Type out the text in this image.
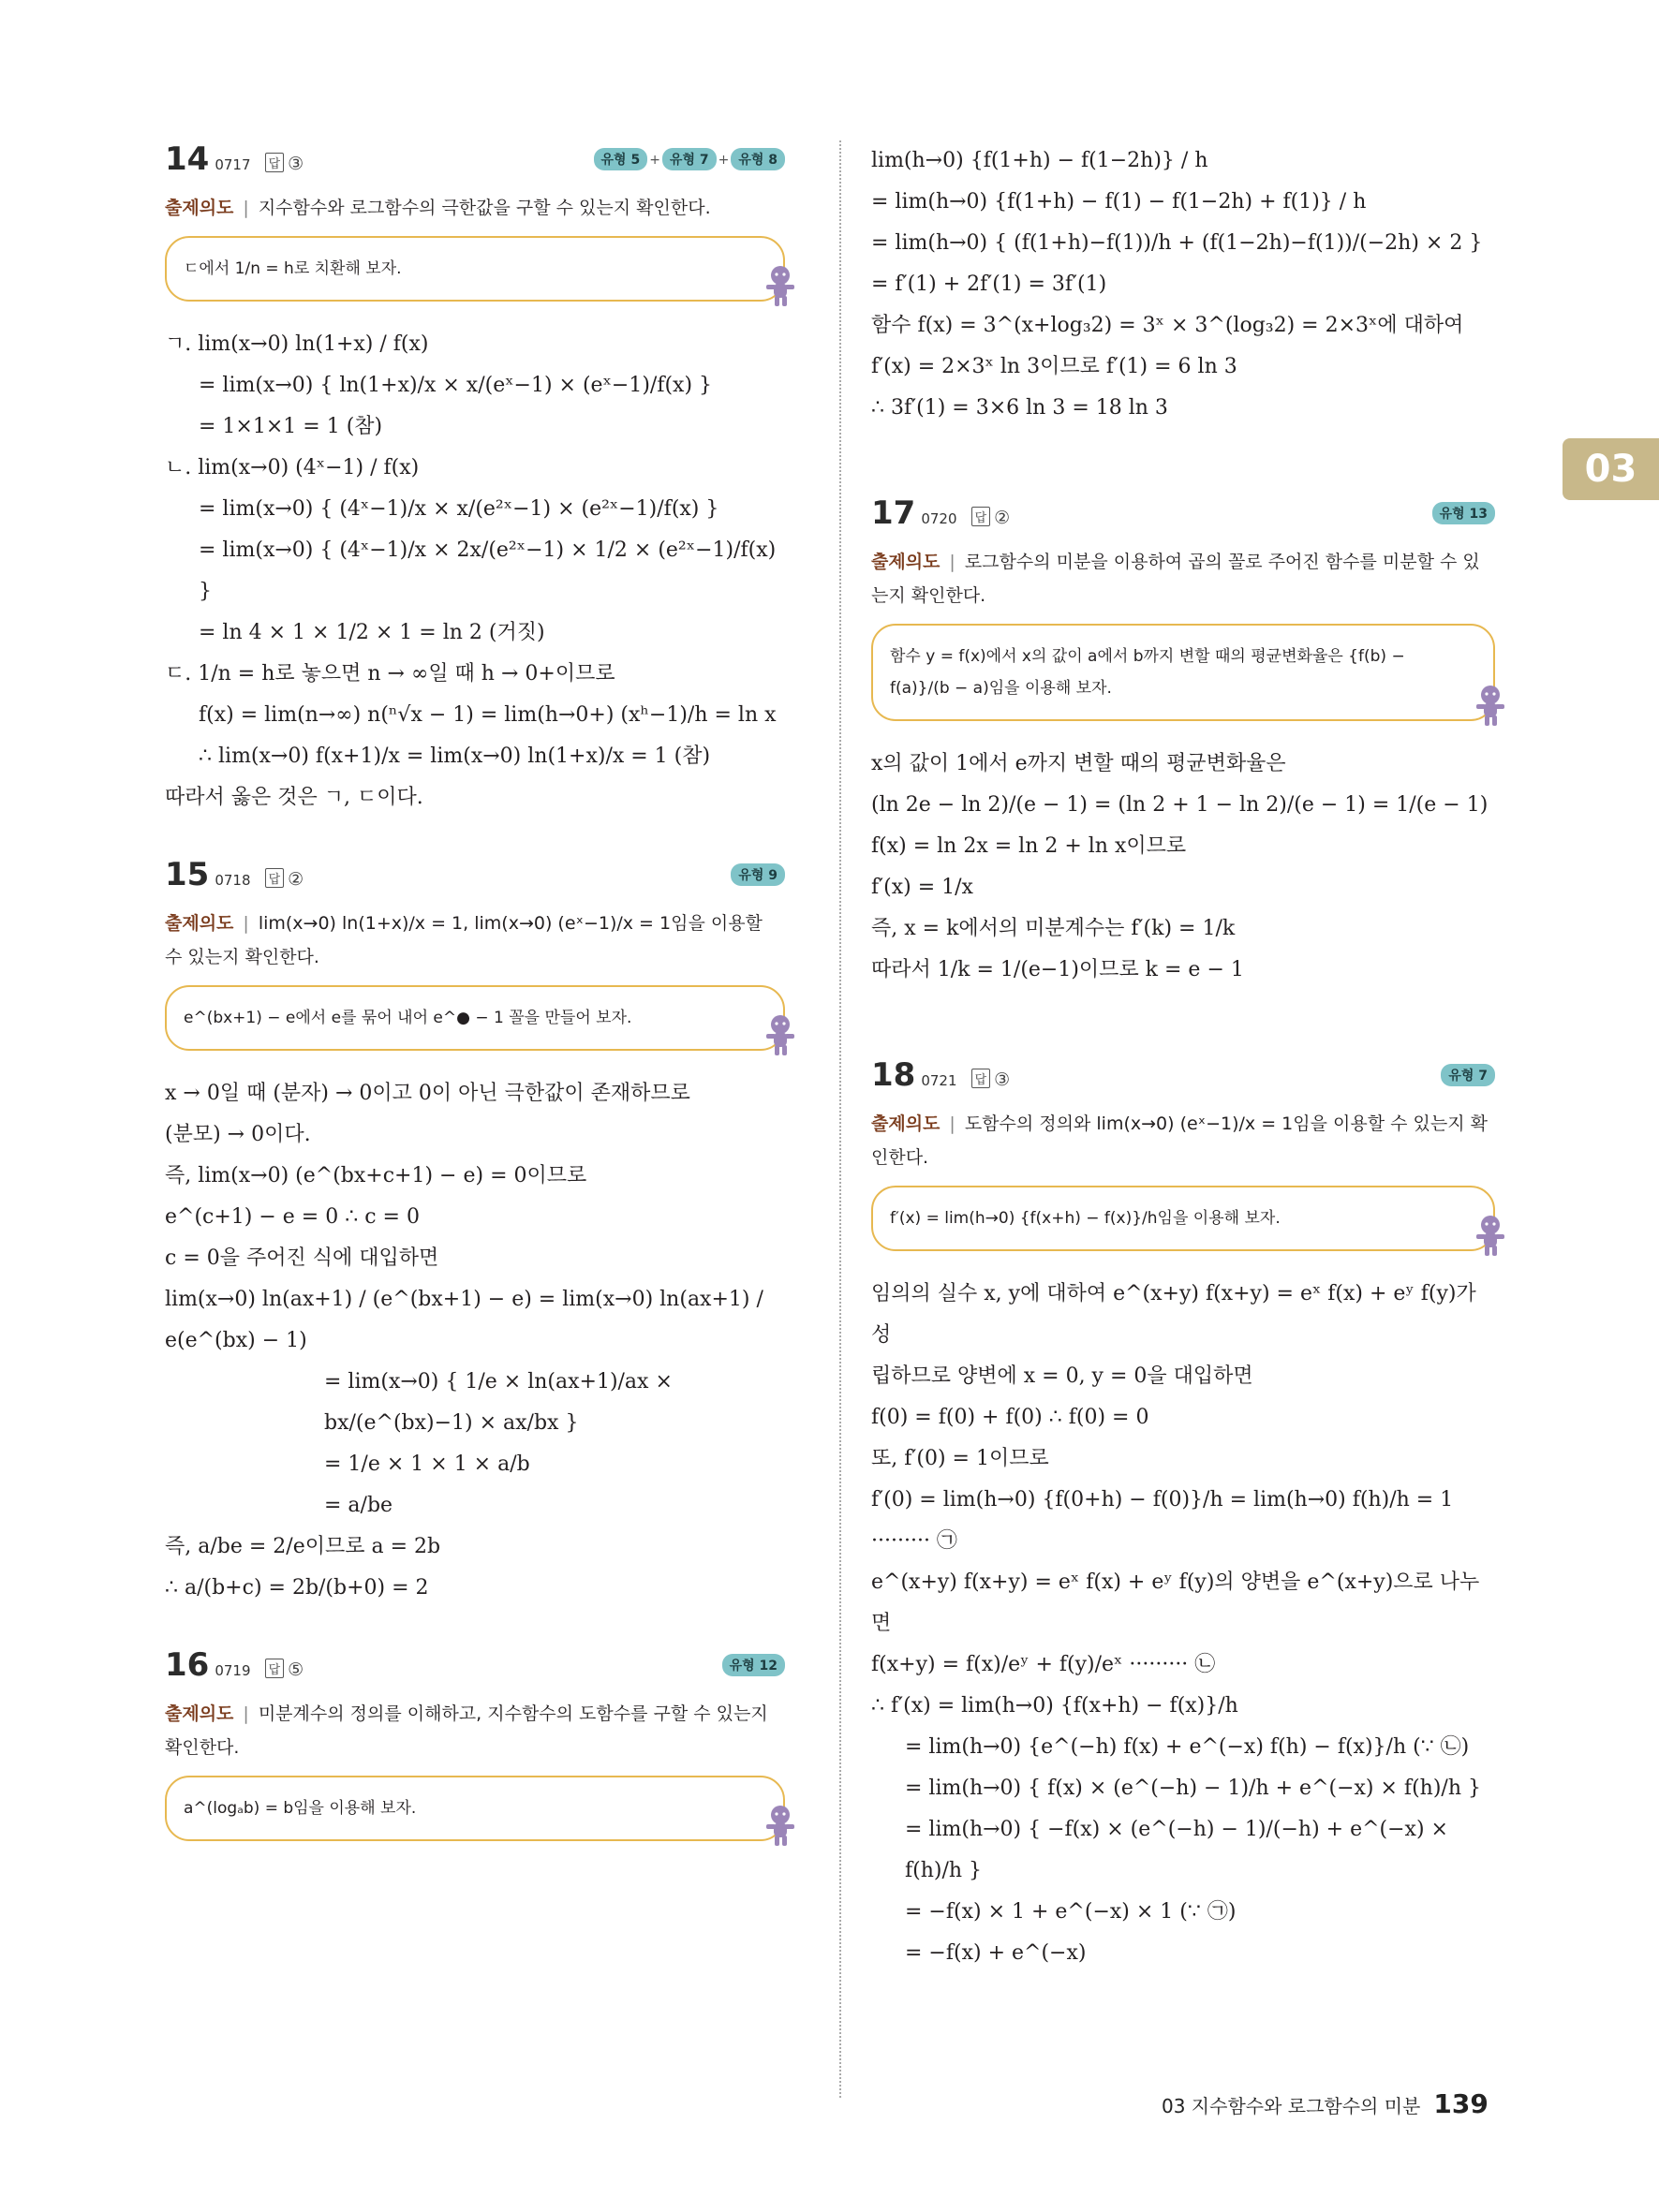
03
14 0717 답 ③	유형 5 + 유형 7 + 유형 8
출제의도 | 지수함수와 로그함수의 극한값을 구할 수 있는지 확인한다.
ㄷ에서 1/n = h로 치환해 보자.

ㄱ. lim(x→0) ln(1+x) / f(x)

= lim(x→0) { ln(1+x)/x × x/(eˣ−1) × (eˣ−1)/f(x) }

= 1×1×1 = 1 (참)

ㄴ. lim(x→0) (4ˣ−1) / f(x)

= lim(x→0) { (4ˣ−1)/x × x/(e²ˣ−1) × (e²ˣ−1)/f(x) }

= lim(x→0) { (4ˣ−1)/x × 2x/(e²ˣ−1) × 1/2 × (e²ˣ−1)/f(x) }

= ln 4 × 1 × 1/2 × 1 = ln 2 (거짓)

ㄷ. 1/n = h로 놓으면 n → ∞일 때 h → 0+이므로

f(x) = lim(n→∞) n(ⁿ√x − 1) = lim(h→0+) (xʰ−1)/h = ln x

∴ lim(x→0) f(x+1)/x = lim(x→0) ln(1+x)/x = 1 (참)

따라서 옳은 것은 ㄱ, ㄷ이다.

15 0718 답 ②	유형 9
출제의도 | lim(x→0) ln(1+x)/x = 1, lim(x→0) (eˣ−1)/x = 1임을 이용할 수 있는지 확인한다.
e^(bx+1) − e에서 e를 묶어 내어 e^● − 1 꼴을 만들어 보자.

x → 0일 때 (분자) → 0이고 0이 아닌 극한값이 존재하므로

(분모) → 0이다.

즉, lim(x→0) (e^(bx+c+1) − e) = 0이므로

e^(c+1) − e = 0 ∴ c = 0

c = 0을 주어진 식에 대입하면

lim(x→0) ln(ax+1) / (e^(bx+1) − e) = lim(x→0) ln(ax+1) / e(e^(bx) − 1)

= lim(x→0) { 1/e × ln(ax+1)/ax × bx/(e^(bx)−1) × ax/bx }

= 1/e × 1 × 1 × a/b

= a/be

즉, a/be = 2/e이므로 a = 2b

∴ a/(b+c) = 2b/(b+0) = 2

16 0719 답 ⑤	유형 12
출제의도 | 미분계수의 정의를 이해하고, 지수함수의 도함수를 구할 수 있는지 확인한다.
a^(logₐb) = b임을 이용해 보자.

lim(h→0) {f(1+h) − f(1−2h)} / h

= lim(h→0) {f(1+h) − f(1) − f(1−2h) + f(1)} / h

= lim(h→0) { (f(1+h)−f(1))/h + (f(1−2h)−f(1))/(−2h) × 2 }

= f′(1) + 2f′(1) = 3f′(1)

함수 f(x) = 3^(x+log₃2) = 3ˣ × 3^(log₃2) = 2×3ˣ에 대하여

f′(x) = 2×3ˣ ln 3이므로 f′(1) = 6 ln 3

∴ 3f′(1) = 3×6 ln 3 = 18 ln 3

17 0720 답 ②	유형 13
출제의도 | 로그함수의 미분을 이용하여 곱의 꼴로 주어진 함수를 미분할 수 있는지 확인한다.
함수 y = f(x)에서 x의 값이 a에서 b까지 변할 때의 평균변화율은 {f(b) − f(a)}/(b − a)임을 이용해 보자.

x의 값이 1에서 e까지 변할 때의 평균변화율은

(ln 2e − ln 2)/(e − 1) = (ln 2 + 1 − ln 2)/(e − 1) = 1/(e − 1)

f(x) = ln 2x = ln 2 + ln x이므로

f′(x) = 1/x

즉, x = k에서의 미분계수는 f′(k) = 1/k

따라서 1/k = 1/(e−1)이므로 k = e − 1

18 0721 답 ③	유형 7
출제의도 | 도함수의 정의와 lim(x→0) (eˣ−1)/x = 1임을 이용할 수 있는지 확인한다.
f′(x) = lim(h→0) {f(x+h) − f(x)}/h임을 이용해 보자.

임의의 실수 x, y에 대하여 e^(x+y) f(x+y) = eˣ f(x) + eʸ f(y)가 성

립하므로 양변에 x = 0, y = 0을 대입하면

f(0) = f(0) + f(0) ∴ f(0) = 0

또, f′(0) = 1이므로

f′(0) = lim(h→0) {f(0+h) − f(0)}/h = lim(h→0) f(h)/h = 1 ········· ㉠

e^(x+y) f(x+y) = eˣ f(x) + eʸ f(y)의 양변을 e^(x+y)으로 나누면

f(x+y) = f(x)/eʸ + f(y)/eˣ ········· ㉡

∴ f′(x) = lim(h→0) {f(x+h) − f(x)}/h

= lim(h→0) {e^(−h) f(x) + e^(−x) f(h) − f(x)}/h (∵ ㉡)

= lim(h→0) { f(x) × (e^(−h) − 1)/h + e^(−x) × f(h)/h }

= lim(h→0) { −f(x) × (e^(−h) − 1)/(−h) + e^(−x) × f(h)/h }

= −f(x) × 1 + e^(−x) × 1 (∵ ㉠)

= −f(x) + e^(−x)

03 지수함수와 로그함수의 미분 139
